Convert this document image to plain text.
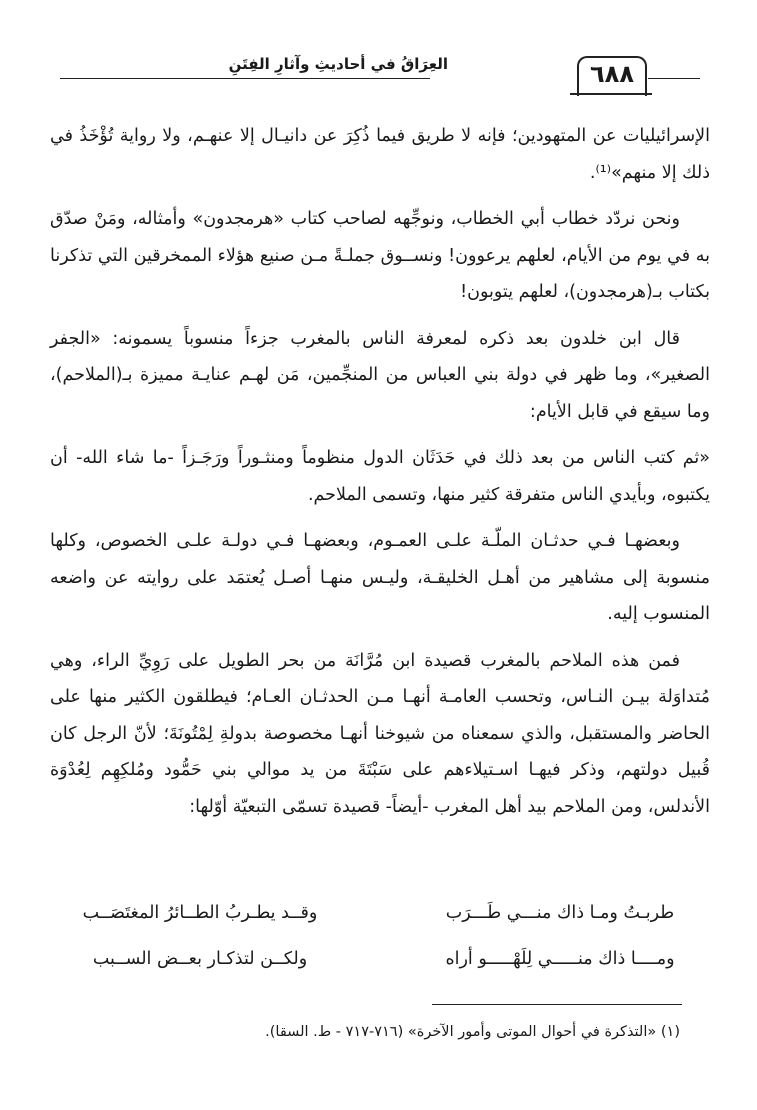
العِرَاقُ في أحاديثِ وآثارِ الفِتَنِ	٦٨٨

الإسرائيليات عن المتهودين؛ فإنه لا طريق فيما ذُكِرَ عن دانيـال إلا عنهـم، ولا رواية تُؤْخَذُ في ذلك إلا منهم»⁽¹⁾.

ونحن نردّد خطاب أبي الخطاب، ونوجِّهه لصاحب كتاب «هرمجدون» وأمثاله، ومَنْ صدّق به في يوم من الأيام، لعلهم يرعوون! ونســوق جملـةً مـن صنيع هؤلاء الممخرقين التي تذكرنا بكتاب بـ(هرمجدون)، لعلهم يتوبون!

قال ابن خلدون بعد ذكره لمعرفة الناس بالمغرب جزءاً منسوباً يسمونه: «الجفر الصغير»، وما ظهر في دولة بني العباس من المنجِّمين، مَن لهـم عنايـة مميزة بـ(الملاحم)، وما سيقع في قابل الأيام:

«ثم كتب الناس من بعد ذلك في حَدَثَان الدول منظوماً ومنثـوراً ورَجَـزاً -ما شاء الله- أن يكتبوه، وبأيدي الناس متفرقة كثير منها، وتسمى الملاحم.

وبعضهـا فـي حدثـان الملّـة علـى العمـوم، وبعضهـا فـي دولـة علـى الخصوص، وكلها منسوبة إلى مشاهير من أهـل الخليقـة، وليـس منهـا أصـل يُعتمَد على روايته عن واضعه المنسوب إليه.

فمن هذه الملاحم بالمغرب قصيدة ابن مُرَّانَة من بحر الطويل على رَوِيِّ الراء، وهي مُتداوَلة بيـن النـاس، وتحسب العامـة أنهـا مـن الحدثـان العـام؛ فيطلقون الكثير منها على الحاضر والمستقبل، والذي سمعناه من شيوخنا أنهـا مخصوصة بدولةِ لِمْتُونَةَ؛ لأنّ الرجل كان قُبيل دولتهم، وذكر فيهـا اسـتيلاءهم على سَبْتَةَ من يد موالي بني حَمُّود ومُلكِهِم لِعُدْوَة الأندلس، ومن الملاحم بيد أهل المغرب -أيضاً- قصيدة تسمّى التبعيّة أوّلها:

طربـتُ ومـا ذاك منـــي طَـــرَب
وقــد يطـربُ الطــائرُ المغتَصَــب
ومــــا ذاك منـــــي لِلَهْـــــو أراه
ولكــن لتذكـار بعــض الســبب
(١) «التذكرة في أحوال الموتى وأمور الآخرة» (٧١٦-٧١٧ - ط. السقا).
